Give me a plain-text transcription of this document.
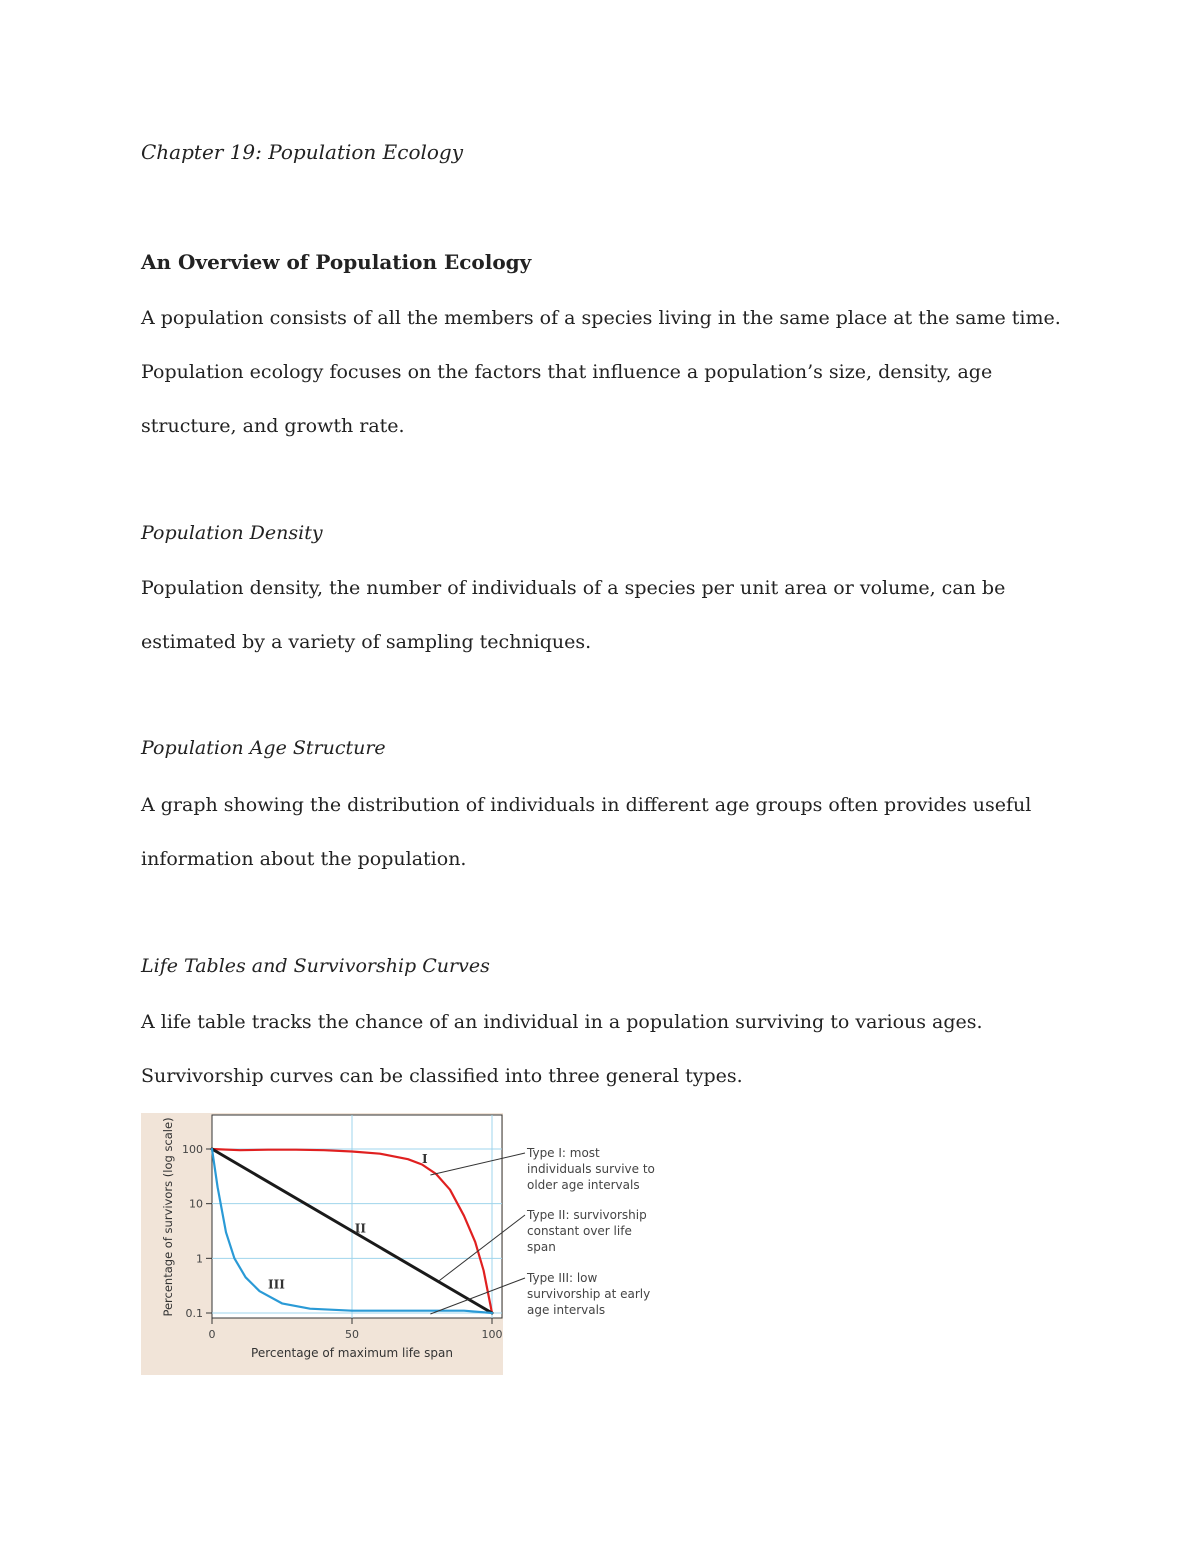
Chapter 19: Population Ecology
An Overview of Population Ecology

A population consists of all the members of a species living in the same place at the same time. Population ecology focuses on the factors that influence a population’s size, density, age structure, and growth rate.

Population Density

Population density, the number of individuals of a species per unit area or volume, can be estimated by a variety of sampling techniques.

Population Age Structure

A graph showing the distribution of individuals in different age groups often provides useful information about the population.

Life Tables and Survivorship Curves

A life table tracks the chance of an individual in a population surviving to various ages. Survivorship curves can be classified into three general types.

100
10
1
0.1
0	50	100
I
II
III
Percentage of maximum life span
Percentage of survivors (log scale)	Type I: most individuals survive to older age intervals
Type II: survivorship constant over life span
Type III: low survivorship at early age intervals
